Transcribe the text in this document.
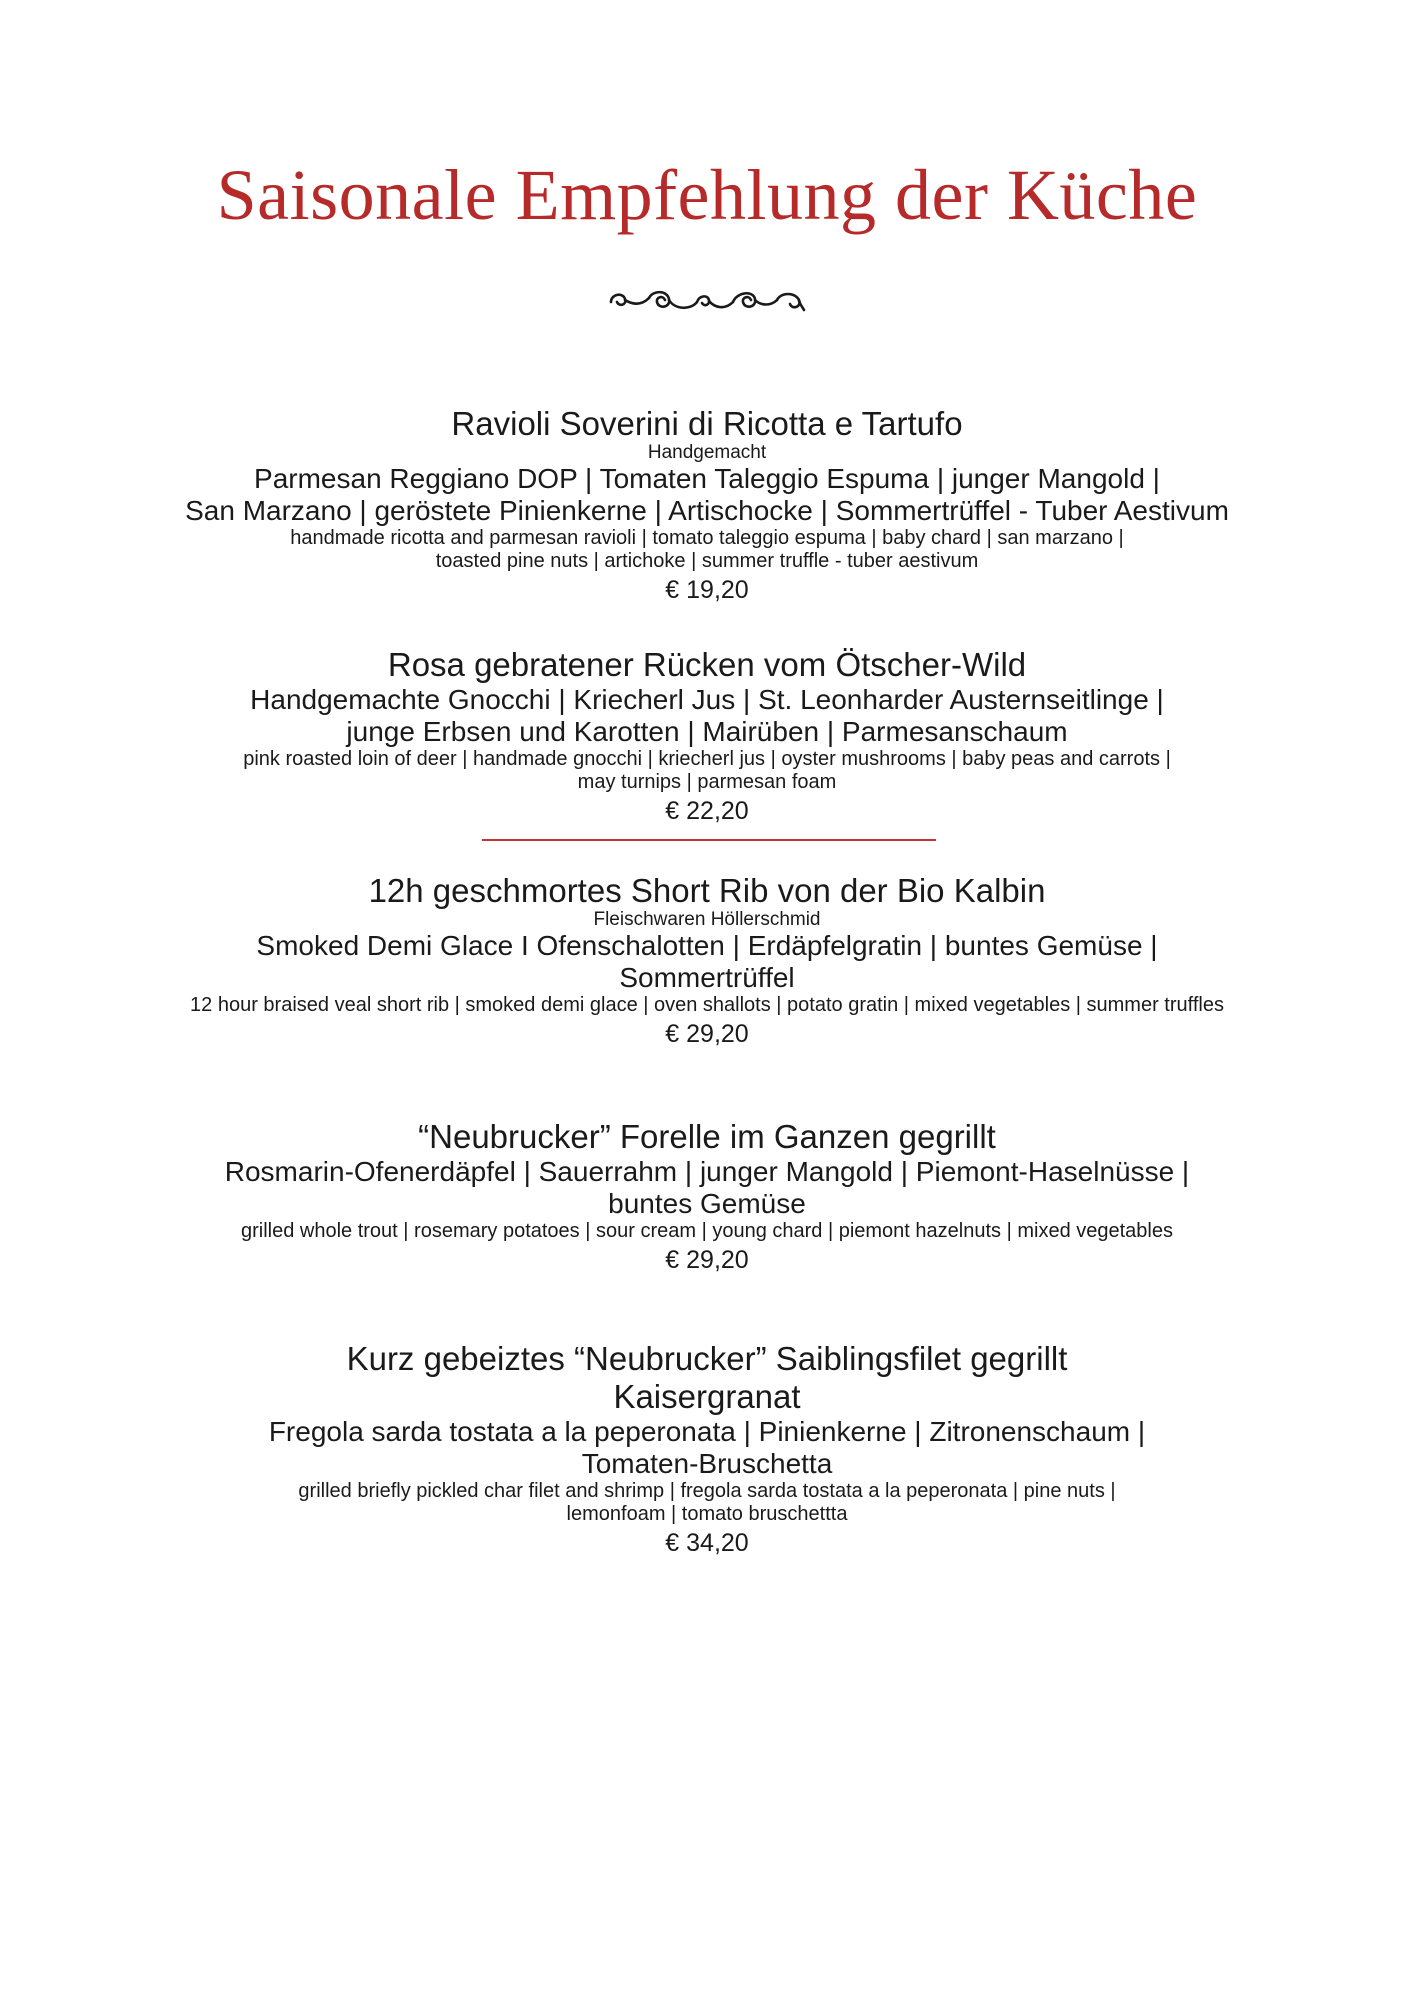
Saisonale Empfehlung der Küche
Ravioli Soverini di Ricotta e Tartufo
Handgemacht
Parmesan Reggiano DOP | Tomaten Taleggio Espuma | junger Mangold |
San Marzano | geröstete Pinienkerne | Artischocke | Sommertrüffel - Tuber Aestivum
handmade ricotta and parmesan ravioli | tomato taleggio espuma | baby chard | san marzano |
toasted pine nuts | artichoke | summer truffle - tuber aestivum
€ 19,20
Rosa gebratener Rücken vom Ötscher-Wild
Handgemachte Gnocchi | Kriecherl Jus | St. Leonharder Austernseitlinge |
junge Erbsen und Karotten | Mairüben | Parmesanschaum
pink roasted loin of deer | handmade gnocchi | kriecherl jus | oyster mushrooms | baby peas and carrots |
may turnips | parmesan foam
€ 22,20
12h geschmortes Short Rib von der Bio Kalbin
Fleischwaren Höllerschmid
Smoked Demi Glace I Ofenschalotten | Erdäpfelgratin | buntes Gemüse |
Sommertrüffel
12 hour braised veal short rib | smoked demi glace | oven shallots | potato gratin | mixed vegetables | summer truffles
€ 29,20
“Neubrucker” Forelle im Ganzen gegrillt
Rosmarin-Ofenerdäpfel | Sauerrahm | junger Mangold | Piemont-Haselnüsse |
buntes Gemüse
grilled whole trout | rosemary potatoes | sour cream | young chard | piemont hazelnuts | mixed vegetables
€ 29,20
Kurz gebeiztes “Neubrucker” Saiblingsfilet gegrillt
Kaisergranat
Fregola sarda tostata a la peperonata | Pinienkerne | Zitronenschaum |
Tomaten-Bruschetta
grilled briefly pickled char filet and shrimp | fregola sarda tostata a la peperonata | pine nuts |
lemonfoam | tomato bruschettta
€ 34,20
